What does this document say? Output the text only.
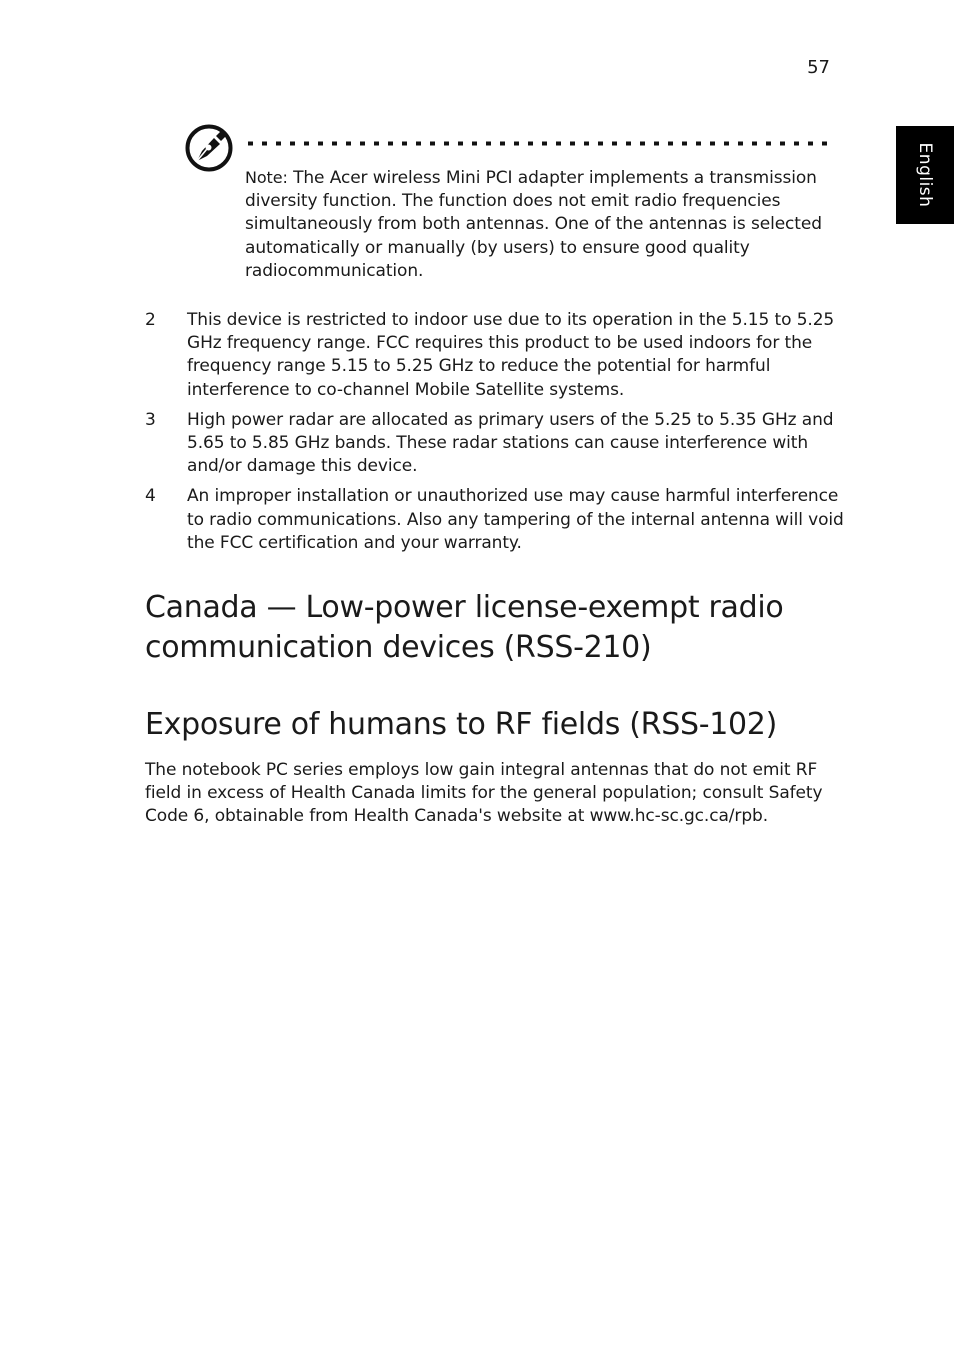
57
English
Note: The Acer wireless Mini PCI adapter implements a transmission diversity function. The function does not emit radio frequencies simultaneously from both antennas. One of the antennas is selected automatically or manually (by users) to ensure good quality radiocommunication.
2 This device is restricted to indoor use due to its operation in the 5.15 to 5.25 GHz frequency range. FCC requires this product to be used indoors for the frequency range 5.15 to 5.25 GHz to reduce the potential for harmful interference to co-channel Mobile Satellite systems.
3 High power radar are allocated as primary users of the 5.25 to 5.35 GHz and 5.65 to 5.85 GHz bands. These radar stations can cause interference with and/or damage this device.
4 An improper installation or unauthorized use may cause harmful interference to radio communications. Also any tampering of the internal antenna will void the FCC certification and your warranty.
Canada — Low-power license-exempt radio communication devices (RSS-210)
Exposure of humans to RF fields (RSS-102)

The notebook PC series employs low gain integral antennas that do not emit RF field in excess of Health Canada limits for the general population; consult Safety Code 6, obtainable from Health Canada's website at www.hc-sc.gc.ca/rpb.
